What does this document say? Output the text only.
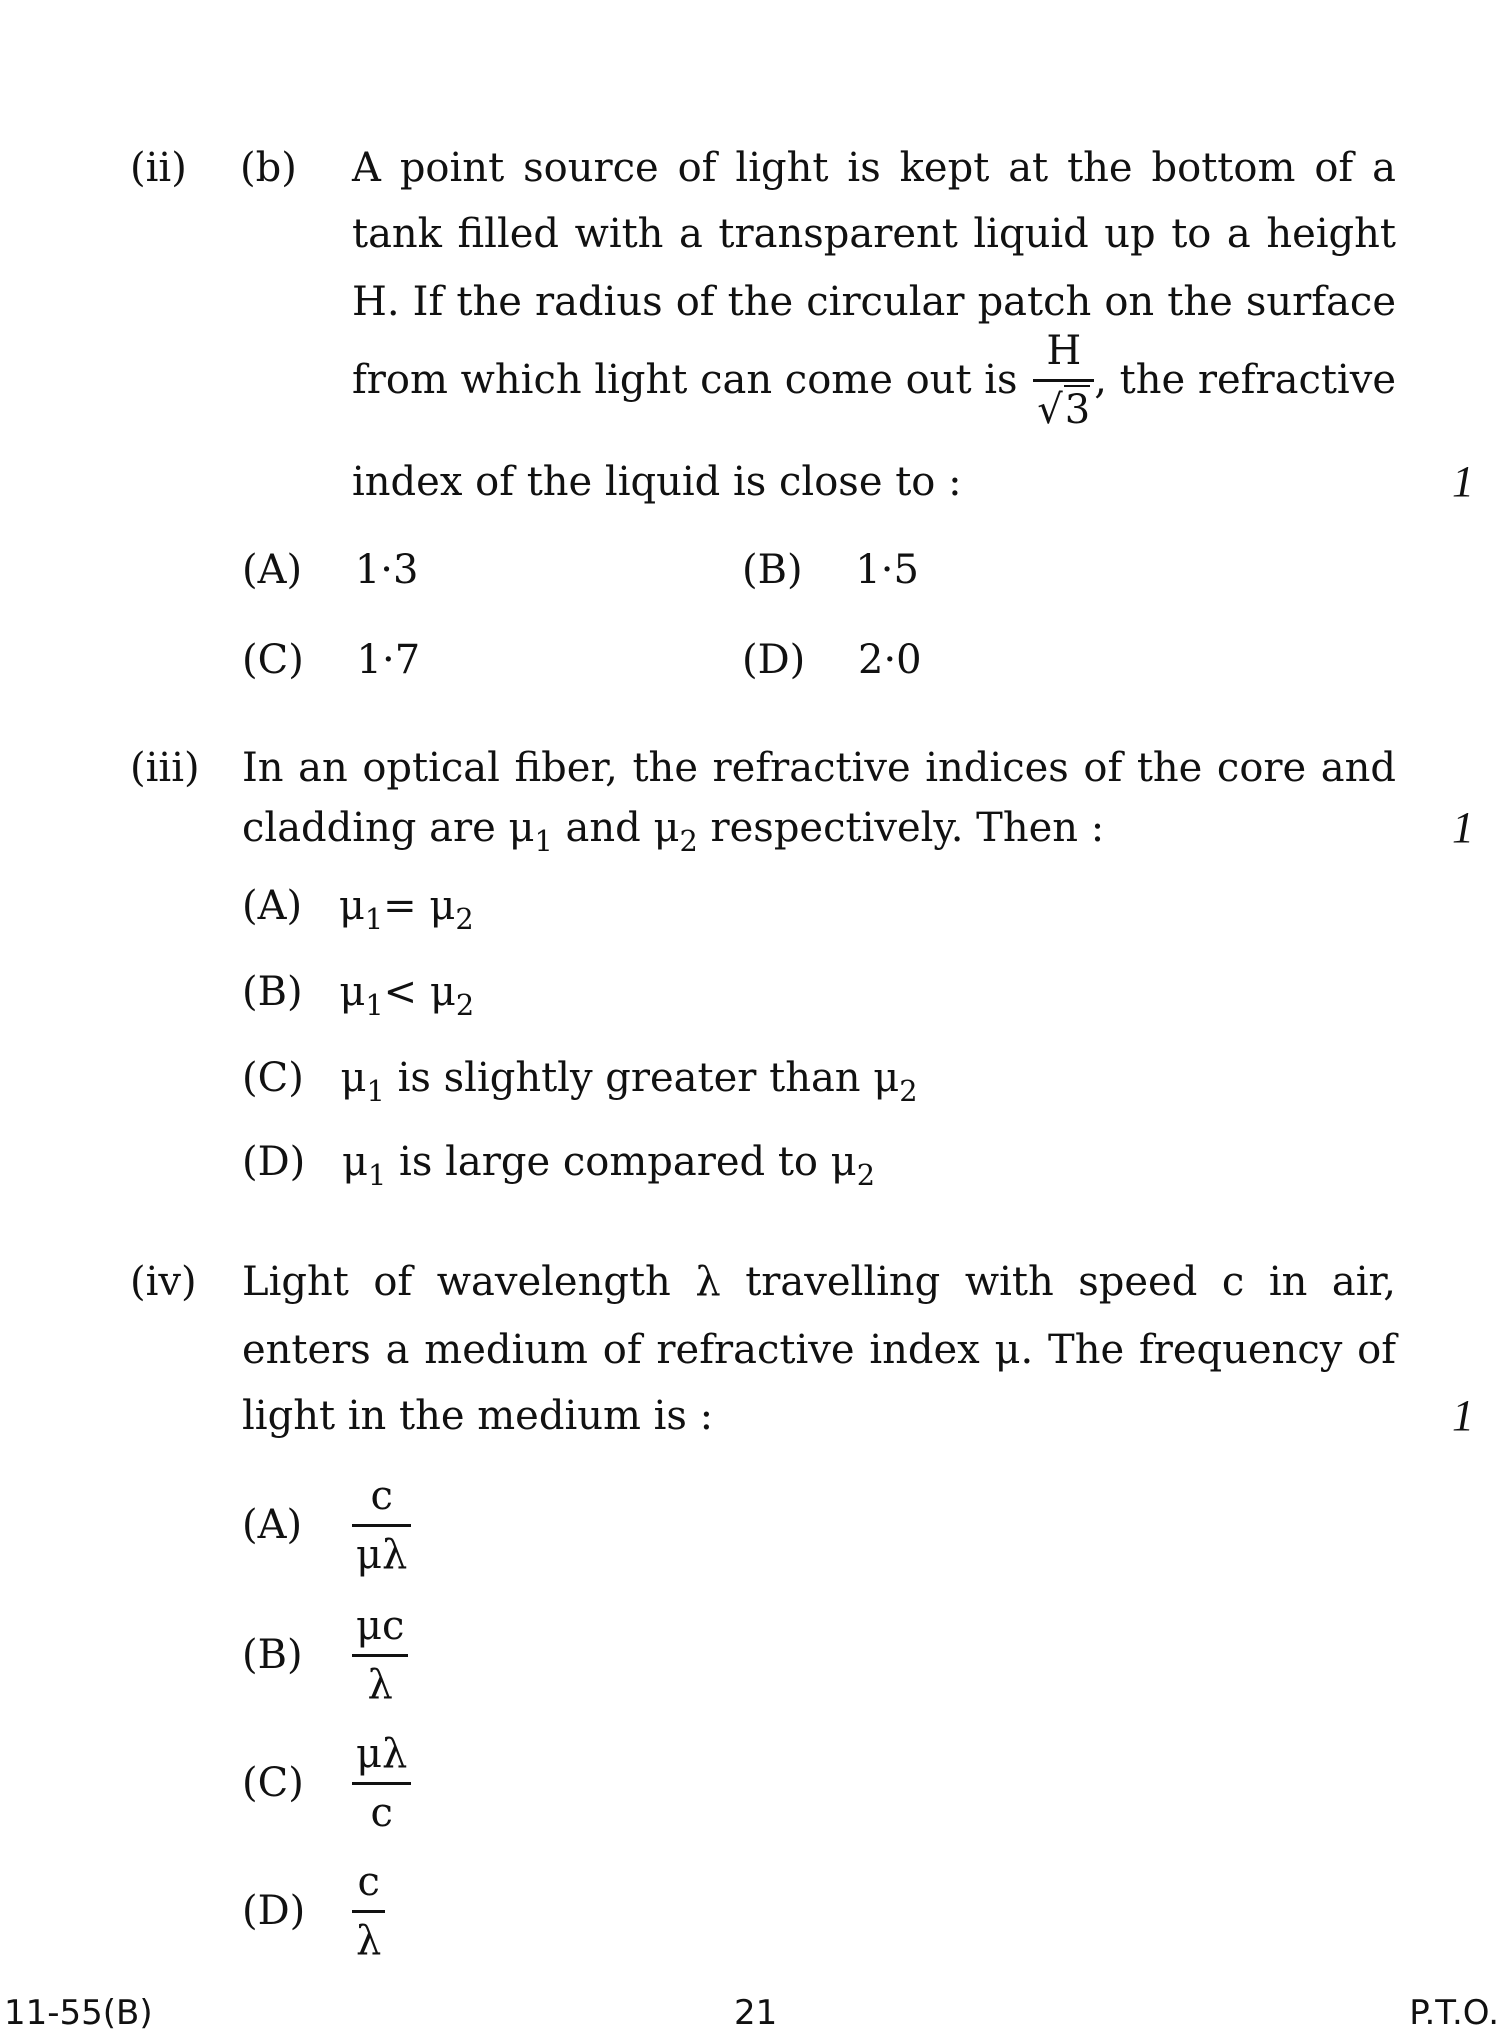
(ii) (b) A point source of light is kept at the bottom of a
tank filled with a transparent liquid up to a height
H. If the radius of the circular patch on the surface
from which light can come out is $\frac{H}{√3}$ , the refractive
index of the liquid is close to :	1
(A) 1·3	(B) 1·5
(C) 1·7	(D) 2·0
(iii) In an optical fiber, the refractive indices of the core and
cladding are $\mu_1$ and $\mu_2$ respectively. Then :	1
(A) $\mu_1= \mu_2$
(B) $\mu_1< \mu_2$
(C) $\mu_1$ is slightly greater than $\mu_2$
(D) $\mu_1$ is large compared to $\mu_2$
(iv) Light of wavelength λ travelling with speed c in air,
enters a medium of refractive index μ. The frequency of
light in the medium is :	1
(A)	$\frac{c}{\mu\lambda}$
(B)	$\frac{\mu c}{\lambda}$
(C)	$\frac{\mu\lambda}{c}$
(D)	$\frac{c}{\lambda}$
11-55(B)	21	P.T.O.
